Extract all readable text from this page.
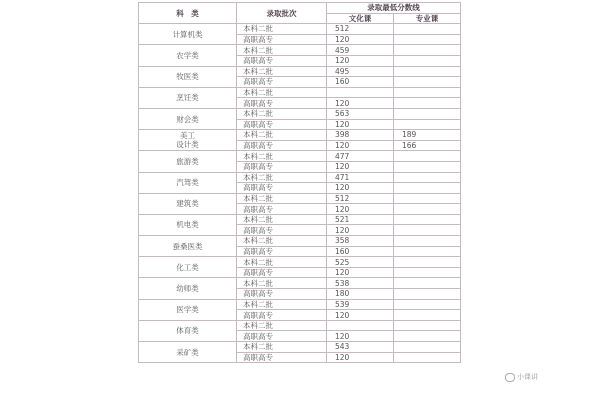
科　类	录取批次	录取最低分数线	
		文化课	专业课
计算机类	本科二批	512	
	高职高专	120	
农学类	本科二批	459	
	高职高专	120	
牧医类	本科二批	495	
	高职高专	160	
烹饪类	本科二批		
	高职高专	120	
财会类	本科二批	563	
	高职高专	120	
美工
设计类	本科二批	398	189
	高职高专	120	166
旅游类	本科二批	477	
	高职高专	120	
汽驾类	本科二批	471	
	高职高专	120	
建筑类	本科二批	512	
	高职高专	120	
机电类	本科二批	521	
	高职高专	120	
蚕桑医类	本科二批	358	
	高职高专	160	
化工类	本科二批	525	
	高职高专	120	
幼师类	本科二批	538	
	高职高专	180	
医学类	本科二批	539	
	高职高专	120	
体育类	本科二批		
	高职高专	120	
采矿类	本科二批	543	
	高职高专	120	
小课讲
